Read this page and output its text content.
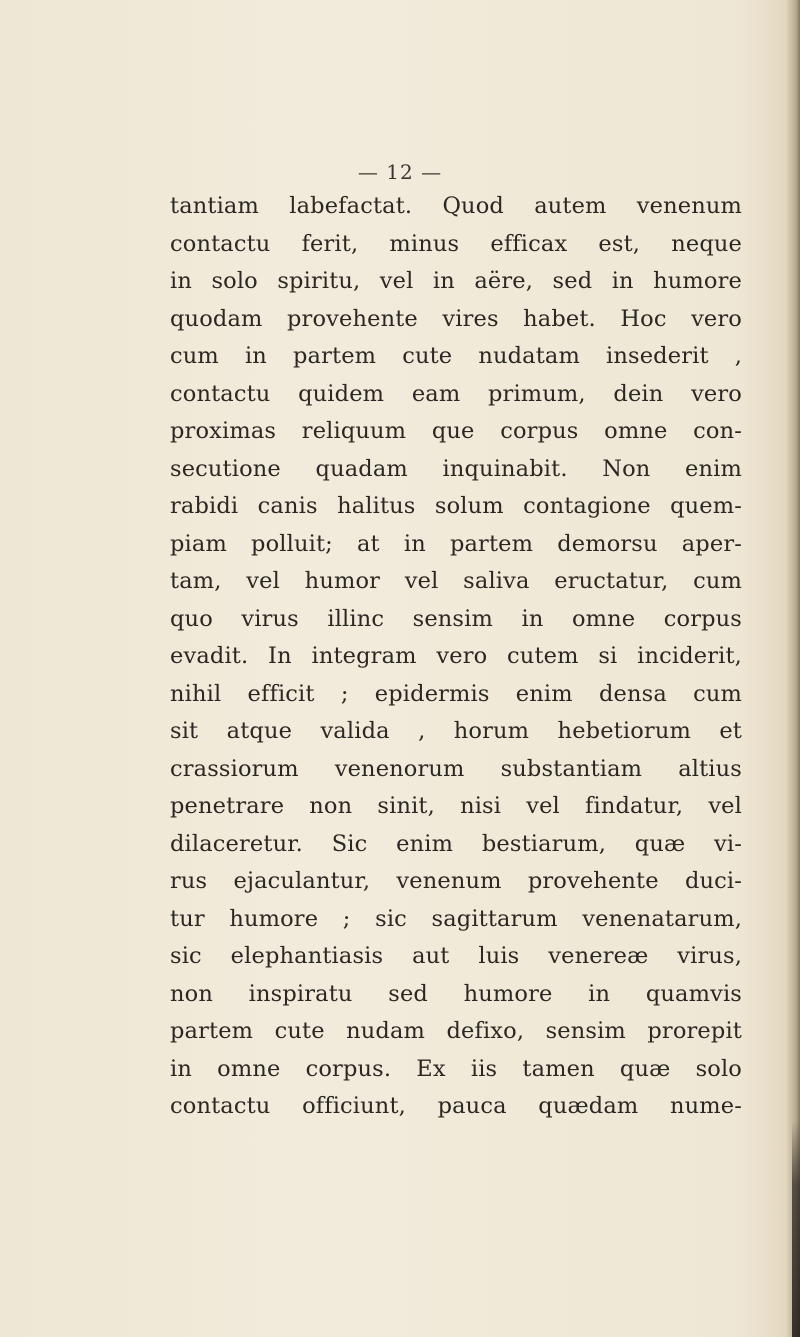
— 12 —
tantiam labefactat. Quod autem venenum
contactu ferit, minus efficax est, neque
in solo spiritu, vel in aëre, sed in humore
quodam provehente vires habet. Hoc vero
cum in partem cute nudatam insederit ,
contactu quidem eam primum, dein vero
proximas reliquum que corpus omne con-
secutione quadam inquinabit. Non enim
rabidi canis halitus solum contagione quem-
piam polluit; at in partem demorsu aper-
tam, vel humor vel saliva eructatur, cum
quo virus illinc sensim in omne corpus
evadit. In integram vero cutem si inciderit,
nihil efficit ; epidermis enim densa cum
sit atque valida , horum hebetiorum et
crassiorum venenorum substantiam altius
penetrare non sinit, nisi vel findatur, vel
dilaceretur. Sic enim bestiarum, quæ vi-
rus ejaculantur, venenum provehente duci-
tur humore ; sic sagittarum venenatarum,
sic elephantiasis aut luis venereæ virus,
non inspiratu sed humore in quamvis
partem cute nudam defixo, sensim prorepit
in omne corpus. Ex iis tamen quæ solo
contactu officiunt, pauca quædam nume-
